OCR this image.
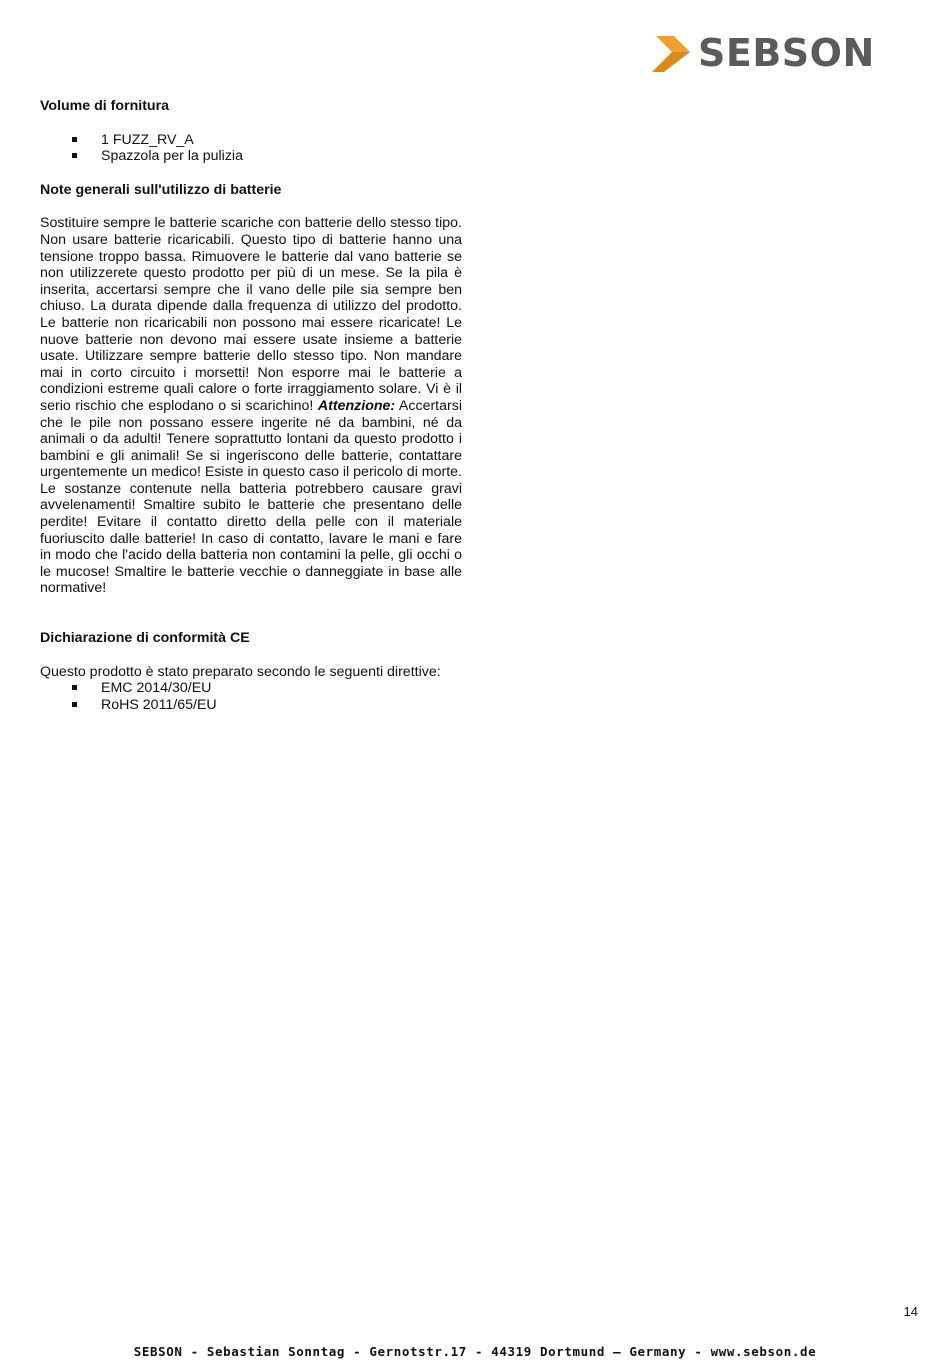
SEBSON

Volume di fornitura

1 FUZZ_RV_A
Spazzola per la pulizia

Note generali sull'utilizzo di batterie

Sostituire sempre le batterie scariche con batterie dello stesso tipo. Non usare batterie ricaricabili. Questo tipo di batterie hanno una tensione troppo bassa. Rimuovere le batterie dal vano batterie se non utilizzerete questo prodotto per più di un mese. Se la pila è inserita, accertarsi sempre che il vano delle pile sia sempre ben chiuso. La durata dipende dalla frequenza di utilizzo del prodotto. Le batterie non ricaricabili non possono mai essere ricaricate! Le nuove batterie non devono mai essere usate insieme a batterie usate. Utilizzare sempre batterie dello stesso tipo. Non mandare mai in corto circuito i morsetti! Non esporre mai le batterie a condizioni estreme quali calore o forte irraggiamento solare. Vi è il serio rischio che esplodano o si scarichino! Attenzione: Accertarsi che le pile non possano essere ingerite né da bambini, né da animali o da adulti! Tenere soprattutto lontani da questo prodotto i bambini e gli animali! Se si ingeriscono delle batterie, contattare urgentemente un medico! Esiste in questo caso il pericolo di morte. Le sostanze contenute nella batteria potrebbero causare gravi avvelenamenti! Smaltire subito le batterie che presentano delle perdite! Evitare il contatto diretto della pelle con il materiale fuoriuscito dalle batterie! In caso di contatto, lavare le mani e fare in modo che l'acido della batteria non contamini la pelle, gli occhi o le mucose! Smaltire le batterie vecchie o danneggiate in base alle normative!

Dichiarazione di conformità CE

Questo prodotto è stato preparato secondo le seguenti direttive:

EMC 2014/30/EU
RoHS 2011/65/EU
14
SEBSON - Sebastian Sonntag - Gernotstr.17 - 44319 Dortmund – Germany - www.sebson.de
